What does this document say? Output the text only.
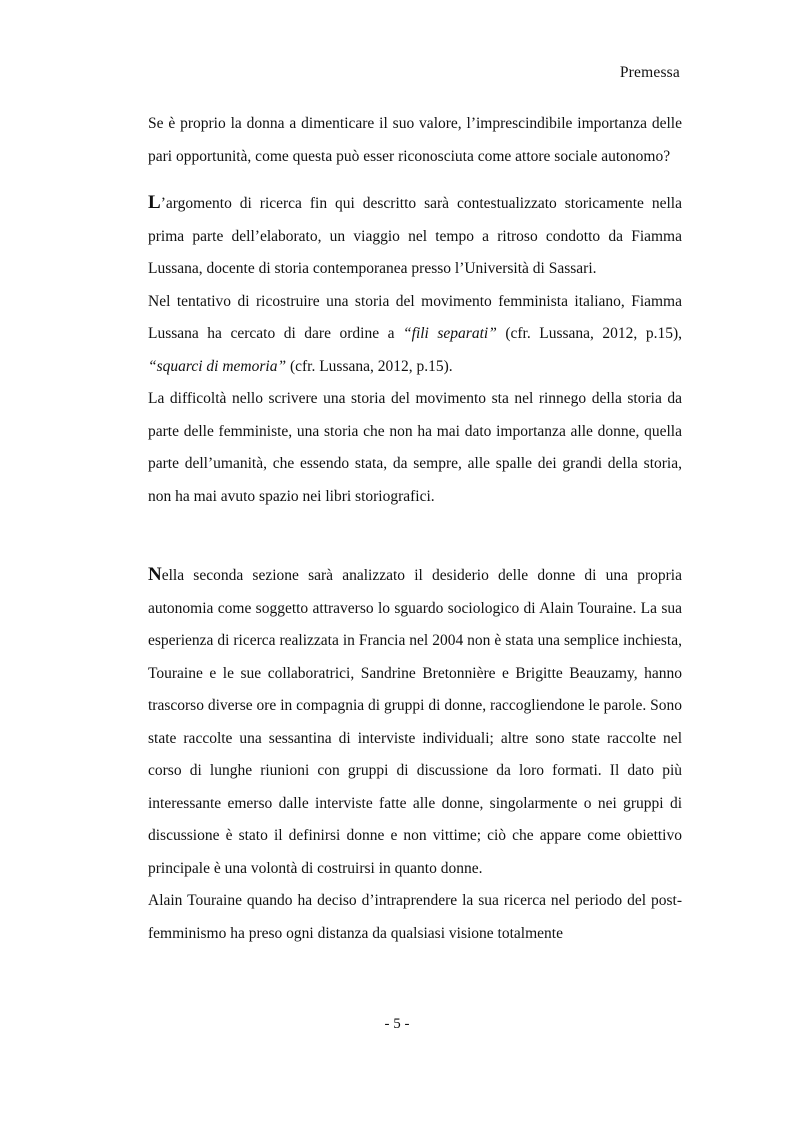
Premessa

Se è proprio la donna a dimenticare il suo valore, l’imprescindibile importanza delle pari opportunità, come questa può esser riconosciuta come attore sociale autonomo?

L’argomento di ricerca fin qui descritto sarà contestualizzato storicamente nella prima parte dell’elaborato, un viaggio nel tempo a ritroso condotto da Fiamma Lussana, docente di storia contemporanea presso l’Università di Sassari.

Nel tentativo di ricostruire una storia del movimento femminista italiano, Fiamma Lussana ha cercato di dare ordine a “fili separati” (cfr. Lussana, 2012, p.15), “squarci di memoria” (cfr. Lussana, 2012, p.15).

La difficoltà nello scrivere una storia del movimento sta nel rinnego della storia da parte delle femministe, una storia che non ha mai dato importanza alle donne, quella parte dell’umanità, che essendo stata, da sempre, alle spalle dei grandi della storia, non ha mai avuto spazio nei libri storiografici.

Nella seconda sezione sarà analizzato il desiderio delle donne di una propria autonomia come soggetto attraverso lo sguardo sociologico di Alain Touraine. La sua esperienza di ricerca realizzata in Francia nel 2004 non è stata una semplice inchiesta, Touraine e le sue collaboratrici, Sandrine Bretonnière e Brigitte Beauzamy, hanno trascorso diverse ore in compagnia di gruppi di donne, raccogliendone le parole. Sono state raccolte una sessantina di interviste individuali; altre sono state raccolte nel corso di lunghe riunioni con gruppi di discussione da loro formati. Il dato più interessante emerso dalle interviste fatte alle donne, singolarmente o nei gruppi di discussione è stato il definirsi donne e non vittime; ciò che appare come obiettivo principale è una volontà di costruirsi in quanto donne.

Alain Touraine quando ha deciso d’intraprendere la sua ricerca nel periodo del post-femminismo ha preso ogni distanza da qualsiasi visione totalmente

- 5 -
